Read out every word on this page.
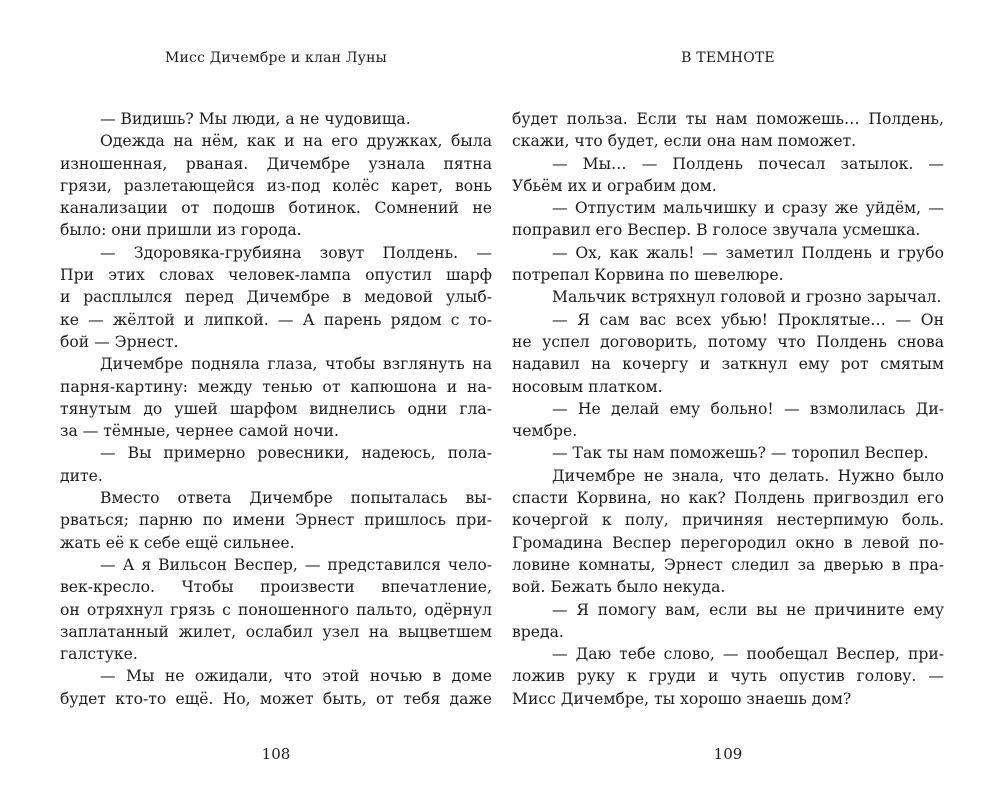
Мисс Дичембре и клан Луны
— Видишь? Мы люди, а не чудовища.
Одежда на нём, как и на его дружках, была
изношенная, рваная. Дичембре узнала пятна
грязи, разлетающейся из-под колёс карет, вонь
канализации от подошв ботинок. Сомнений не
было: они пришли из города.
— Здоровяка-грубияна зовут Полдень. —
При этих словах человек-лампа опустил шарф
и расплылся перед Дичембре в медовой улыб-
ке — жёлтой и липкой. — А парень рядом с то-
бой — Эрнест.
Дичембре подняла глаза, чтобы взглянуть на
парня-картину: между тенью от капюшона и на-
тянутым до ушей шарфом виднелись одни гла-
за — тёмные, чернее самой ночи.
— Вы примерно ровесники, надеюсь, пола-
дите.
Вместо ответа Дичембре попыталась вы-
рваться; парню по имени Эрнест пришлось при-
жать её к себе ещё сильнее.
— А я Вильсон Веспер, — представился чело-
век-кресло. Чтобы произвести впечатление,
он отряхнул грязь с поношенного пальто, одёрнул
заплатанный жилет, ослабил узел на выцветшем
галстуке.
— Мы не ожидали, что этой ночью в доме
будет кто-то ещё. Но, может быть, от тебя даже
108
В ТЕМНОТЕ
будет польза. Если ты нам поможешь… Полдень,
скажи, что будет, если она нам поможет.
— Мы… — Полдень почесал затылок. —
Убьём их и ограбим дом.
— Отпустим мальчишку и сразу же уйдём, —
поправил его Веспер. В голосе звучала усмешка.
— Ох, как жаль! — заметил Полдень и грубо
потрепал Корвина по шевелюре.
Мальчик встряхнул головой и грозно зарычал.
— Я сам вас всех убью! Проклятые… — Он
не успел договорить, потому что Полдень снова
надавил на кочергу и заткнул ему рот смятым
носовым платком.
— Не делай ему больно! — взмолилась Ди-
чембре.
— Так ты нам поможешь? — торопил Веспер.
Дичембре не знала, что делать. Нужно было
спасти Корвина, но как? Полдень пригвоздил его
кочергой к полу, причиняя нестерпимую боль.
Громадина Веспер перегородил окно в левой по-
ловине комнаты, Эрнест следил за дверью в пра-
вой. Бежать было некуда.
— Я помогу вам, если вы не причините ему
вреда.
— Даю тебе слово, — пообещал Веспер, при-
ложив руку к груди и чуть опустив голову. —
Мисс Дичембре, ты хорошо знаешь дом?
109
